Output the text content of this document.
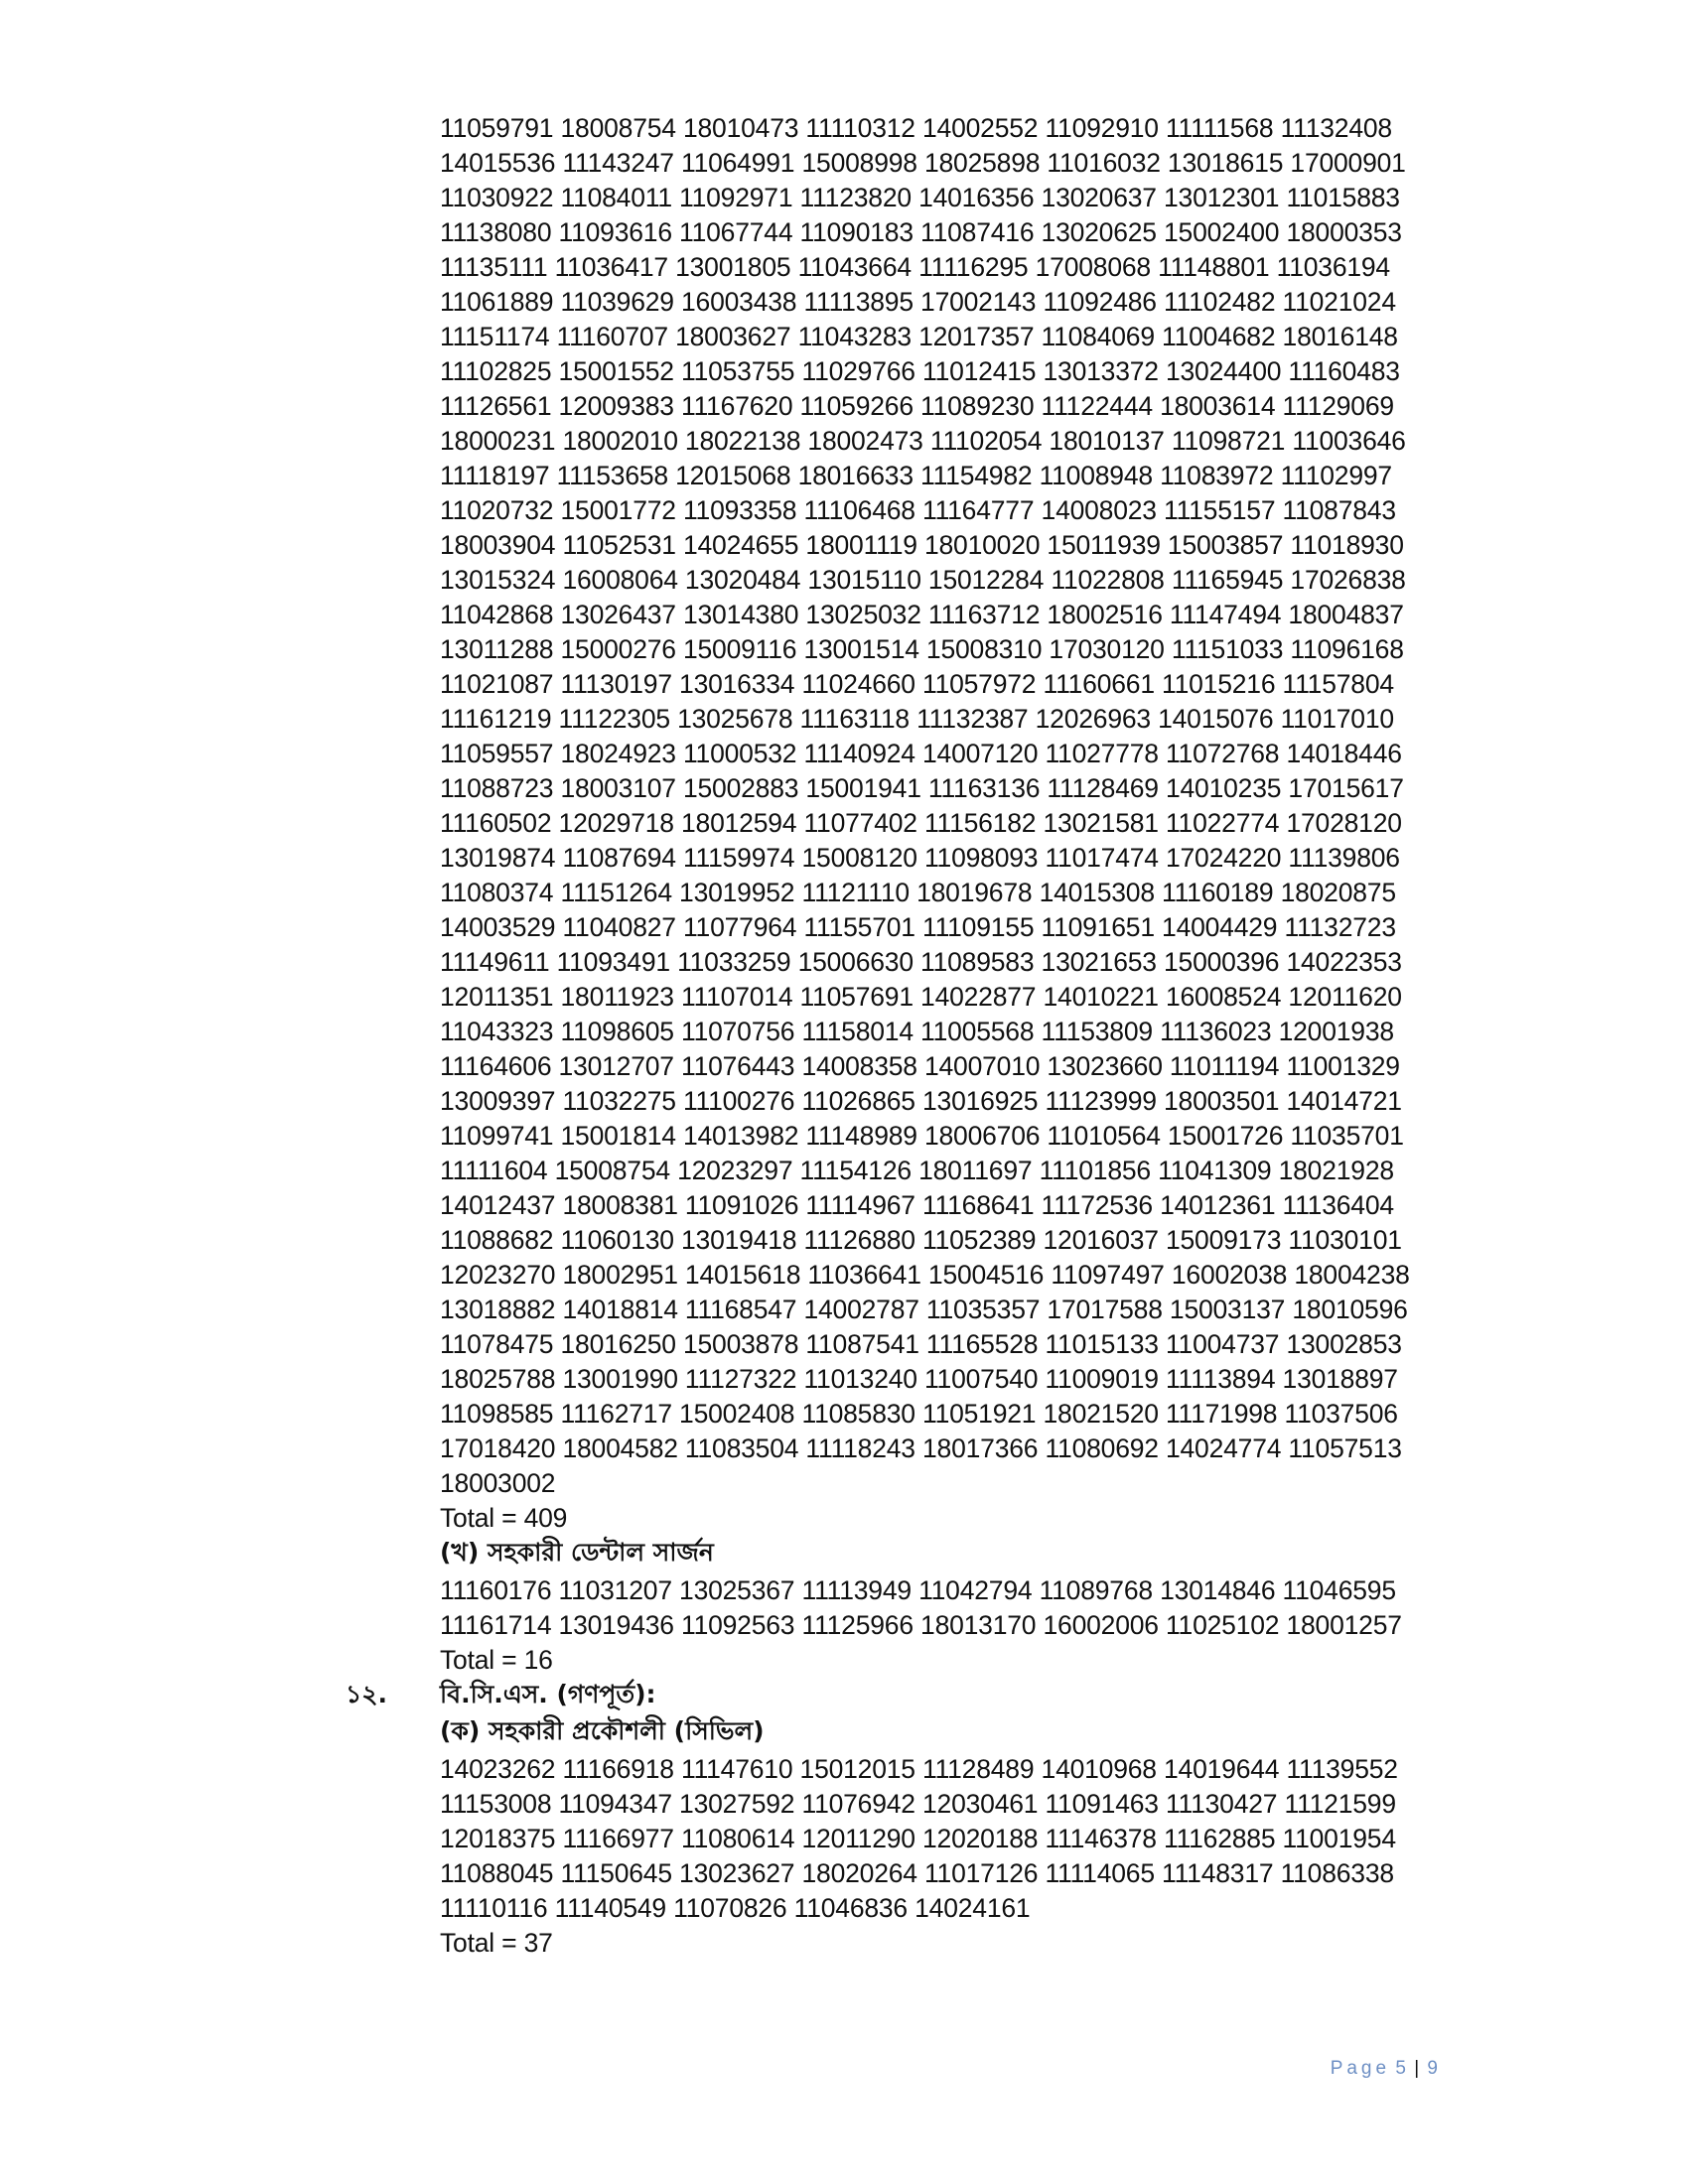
11059791 18008754 18010473 11110312 14002552 11092910 11111568 11132408
14015536 11143247 11064991 15008998 18025898 11016032 13018615 17000901
11030922 11084011 11092971 11123820 14016356 13020637 13012301 11015883
11138080 11093616 11067744 11090183 11087416 13020625 15002400 18000353
11135111 11036417 13001805 11043664 11116295 17008068 11148801 11036194
11061889 11039629 16003438 11113895 17002143 11092486 11102482 11021024
11151174 11160707 18003627 11043283 12017357 11084069 11004682 18016148
11102825 15001552 11053755 11029766 11012415 13013372 13024400 11160483
11126561 12009383 11167620 11059266 11089230 11122444 18003614 11129069
18000231 18002010 18022138 18002473 11102054 18010137 11098721 11003646
11118197 11153658 12015068 18016633 11154982 11008948 11083972 11102997
11020732 15001772 11093358 11106468 11164777 14008023 11155157 11087843
18003904 11052531 14024655 18001119 18010020 15011939 15003857 11018930
13015324 16008064 13020484 13015110 15012284 11022808 11165945 17026838
11042868 13026437 13014380 13025032 11163712 18002516 11147494 18004837
13011288 15000276 15009116 13001514 15008310 17030120 11151033 11096168
11021087 11130197 13016334 11024660 11057972 11160661 11015216 11157804
11161219 11122305 13025678 11163118 11132387 12026963 14015076 11017010
11059557 18024923 11000532 11140924 14007120 11027778 11072768 14018446
11088723 18003107 15002883 15001941 11163136 11128469 14010235 17015617
11160502 12029718 18012594 11077402 11156182 13021581 11022774 17028120
13019874 11087694 11159974 15008120 11098093 11017474 17024220 11139806
11080374 11151264 13019952 11121110 18019678 14015308 11160189 18020875
14003529 11040827 11077964 11155701 11109155 11091651 14004429 11132723
11149611 11093491 11033259 15006630 11089583 13021653 15000396 14022353
12011351 18011923 11107014 11057691 14022877 14010221 16008524 12011620
11043323 11098605 11070756 11158014 11005568 11153809 11136023 12001938
11164606 13012707 11076443 14008358 14007010 13023660 11011194 11001329
13009397 11032275 11100276 11026865 13016925 11123999 18003501 14014721
11099741 15001814 14013982 11148989 18006706 11010564 15001726 11035701
11111604 15008754 12023297 11154126 18011697 11101856 11041309 18021928
14012437 18008381 11091026 11114967 11168641 11172536 14012361 11136404
11088682 11060130 13019418 11126880 11052389 12016037 15009173 11030101
12023270 18002951 14015618 11036641 15004516 11097497 16002038 18004238
13018882 14018814 11168547 14002787 11035357 17017588 15003137 18010596
11078475 18016250 15003878 11087541 11165528 11015133 11004737 13002853
18025788 13001990 11127322 11013240 11007540 11009019 11113894 13018897
11098585 11162717 15002408 11085830 11051921 18021520 11171998 11037506
17018420 18004582 11083504 11118243 18017366 11080692 14024774 11057513
18003002
Total = 409
(খ) সহকারী ডেন্টাল সার্জন
11160176 11031207 13025367 11113949 11042794 11089768 13014846 11046595
11161714 13019436 11092563 11125966 18013170 16002006 11025102 18001257
Total = 16
১২. বি.সি.এস. (গণপূর্ত):
(ক) সহকারী প্রকৌশলী (সিভিল)
14023262 11166918 11147610 15012015 11128489 14010968 14019644 11139552
11153008 11094347 13027592 11076942 12030461 11091463 11130427 11121599
12018375 11166977 11080614 12011290 12020188 11146378 11162885 11001954
11088045 11150645 13023627 18020264 11017126 11114065 11148317 11086338
11110116 11140549 11070826 11046836 14024161
Total = 37
Page 5 | 9
